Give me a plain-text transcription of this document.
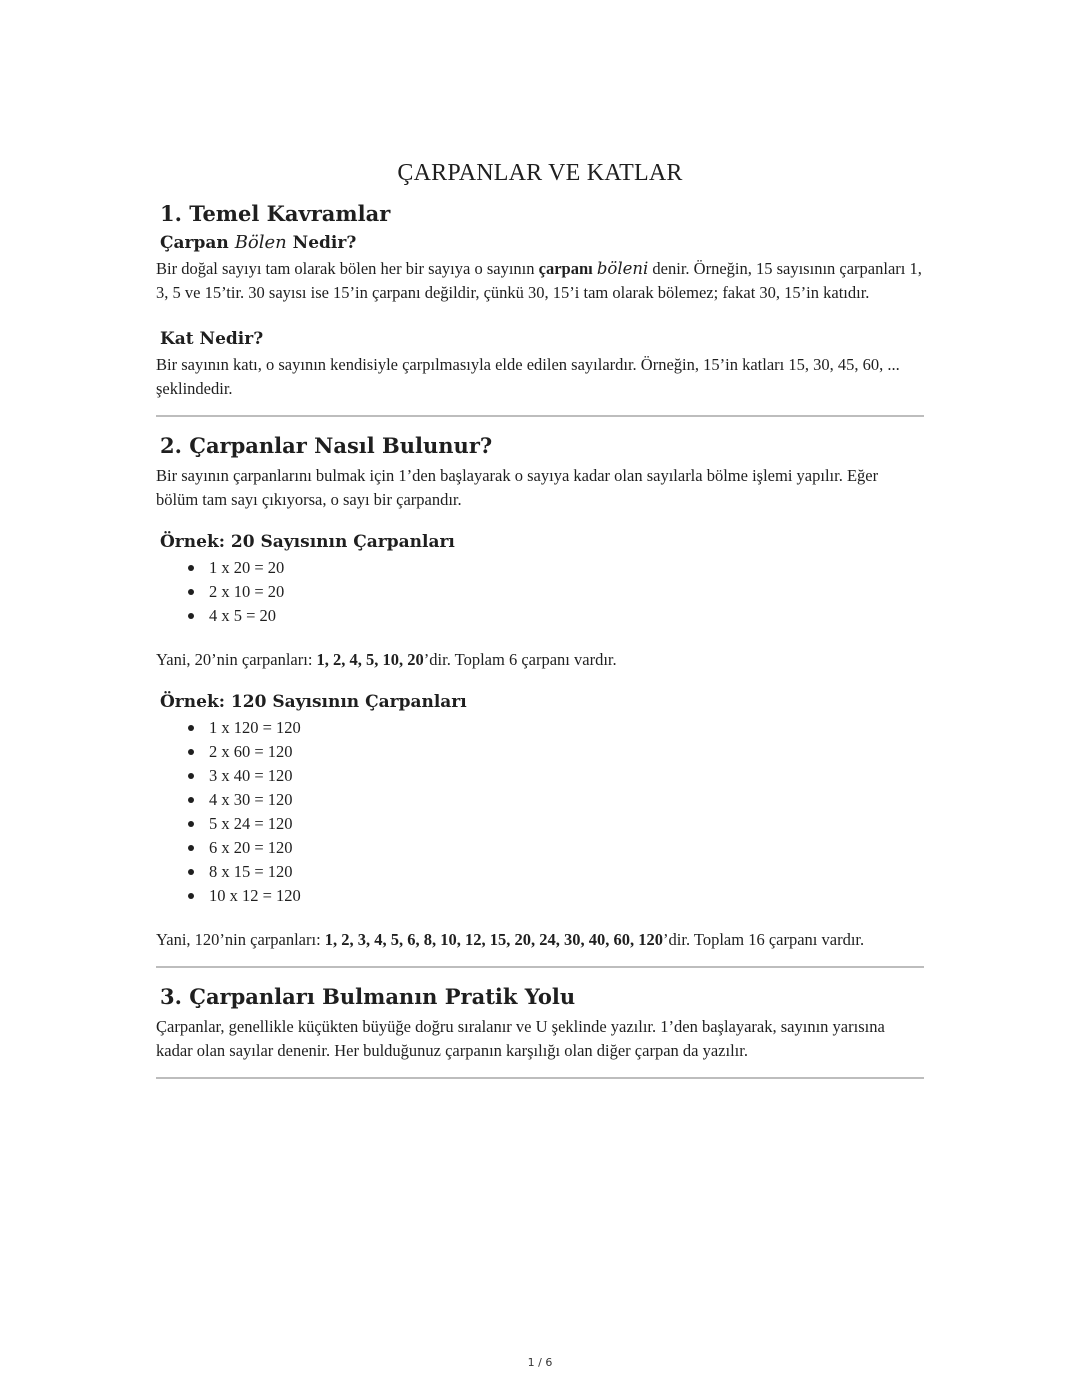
ÇARPANLAR VE KATLAR
1. Temel Kavramlar
Çarpan Bölen Nedir?

Bir doğal sayıyı tam olarak bölen her bir sayıya o sayının çarpanı böleni denir. Örneğin, 15 sayısının çarpanları 1, 3, 5 ve 15’tir. 30 sayısı ise 15’in çarpanı değildir, çünkü 30, 15’i tam olarak bölemez; fakat 30, 15’in katıdır.

Kat Nedir?

Bir sayının katı, o sayının kendisiyle çarpılmasıyla elde edilen sayılardır. Örneğin, 15’in katları 15, 30, 45, 60, ... şeklindedir.

2. Çarpanlar Nasıl Bulunur?

Bir sayının çarpanlarını bulmak için 1’den başlayarak o sayıya kadar olan sayılarla bölme işlemi yapılır. Eğer bölüm tam sayı çıkıyorsa, o sayı bir çarpandır.

Örnek: 20 Sayısının Çarpanları
1 x 20 = 20
2 x 10 = 20
4 x 5 = 20

Yani, 20’nin çarpanları: 1, 2, 4, 5, 10, 20’dir. Toplam 6 çarpanı vardır.

Örnek: 120 Sayısının Çarpanları
1 x 120 = 120
2 x 60 = 120
3 x 40 = 120
4 x 30 = 120
5 x 24 = 120
6 x 20 = 120
8 x 15 = 120
10 x 12 = 120

Yani, 120’nin çarpanları: 1, 2, 3, 4, 5, 6, 8, 10, 12, 15, 20, 24, 30, 40, 60, 120’dir. Toplam 16 çarpanı vardır.

3. Çarpanları Bulmanın Pratik Yolu

Çarpanlar, genellikle küçükten büyüğe doğru sıralanır ve U şeklinde yazılır. 1’den başlayarak, sayının yarısına kadar olan sayılar denenir. Her bulduğunuz çarpanın karşılığı olan diğer çarpan da yazılır.

1 / 6
